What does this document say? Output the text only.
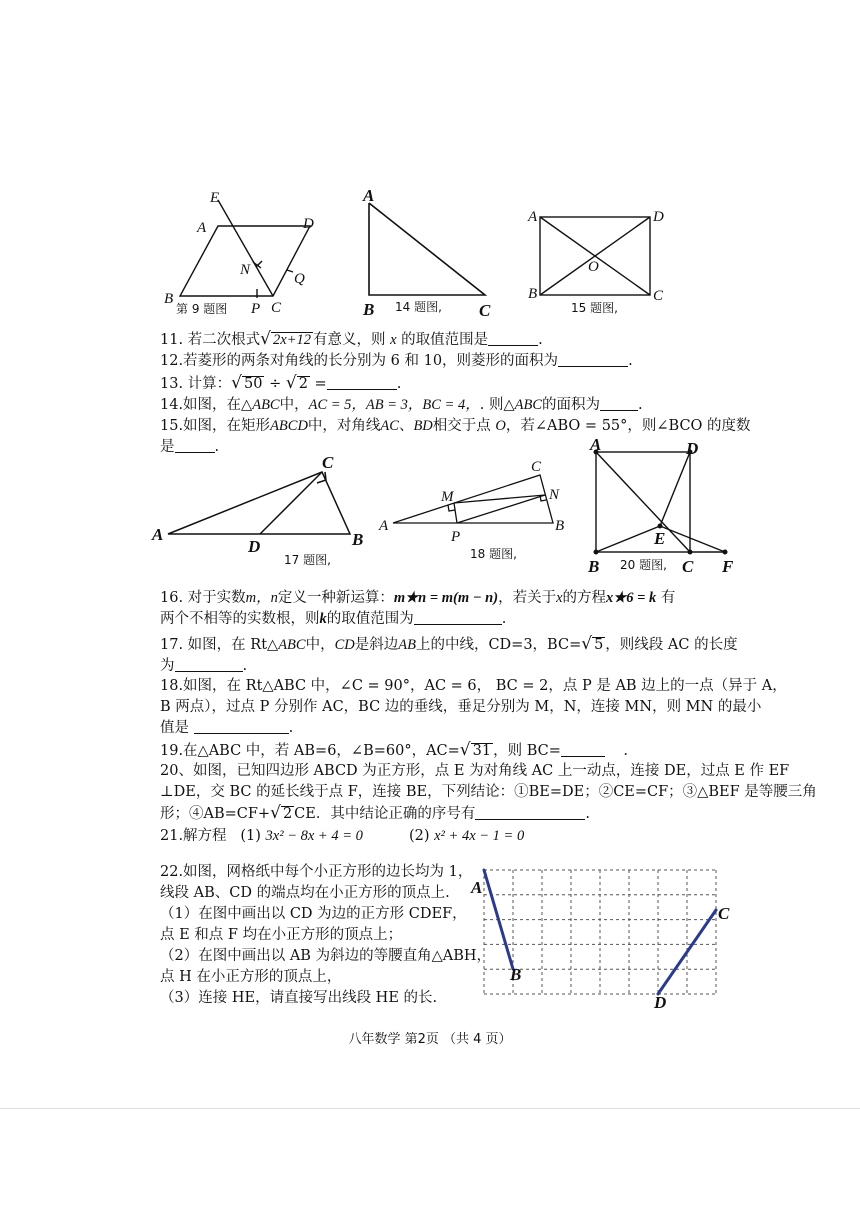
E
A	D
N
Q
B
P C
第 9 题图
A
B	C
14 题图,
A	D
O
B	C
15 题图,
11. 若二次根式√ 2x+12 有意义，则 x 的取值范围是	.
12.若菱形的两条对角线的长分别为 6 和 10，则菱形的面积为	.
13. 计算：√ 50 ÷ √ 2 =	.
14.如图，在△ABC中，AC = 5，AB = 3，BC = 4，. 则△ABC的面积为	.
15.如图，在矩形ABCD中，对角线AC、BD相交于点 O，若∠ABO = 55°，则∠BCO 的度数
是	.
A	B
C
D
17 题图,
C
M	N
A	B
P
18 题图,
A	D
E
B	C F
20 题图,
16. 对于实数m，n定义一种新运算：m★n = m(m − n)，若关于x的方程x★6 = k 有
两个不相等的实数根，则k的取值范围为	.
17. 如图，在 Rt△ABC中，CD是斜边AB上的中线，CD=3，BC=√ 5 ，则线段 AC 的长度
为	.
18.如图，在 Rt△ABC 中，∠C = 90°，AC = 6， BC = 2，点 P 是 AB 边上的一点（异于 A，
B 两点），过点 P 分别作 AC，BC 边的垂线，垂足分别为 M，N，连接 MN，则 MN 的最小
值是	.
19.在△ABC 中，若 AB=6，∠B=60°，AC=√ 31 ，则 BC=	.
20、如图，已知四边形 ABCD 为正方形，点 E 为对角线 AC 上一动点，连接 DE，过点 E 作 EF
⊥DE，交 BC 的延长线于点 F，连接 BE，下列结论：①BE=DE；②CE=CF；③△BEF 是等腰三角
形；④AB=CF+√ 2 CE．其中结论正确的序号有	.
21.解方程 (1) 3x² − 8x + 4 = 0	(2) x² + 4x − 1 = 0
22.如图，网格纸中每个小正方形的边长均为 1，
线段 AB、CD 的端点均在小正方形的顶点上.
（1）在图中画出以 CD 为边的正方形 CDEF，
点 E 和点 F 均在小正方形的顶点上；
（2）在图中画出以 AB 为斜边的等腰直角△ABH，
点 H 在小正方形的顶点上，
（3）连接 HE，请直接写出线段 HE 的长.
A
B
C
D
八年数学 第2页 （共 4 页）
